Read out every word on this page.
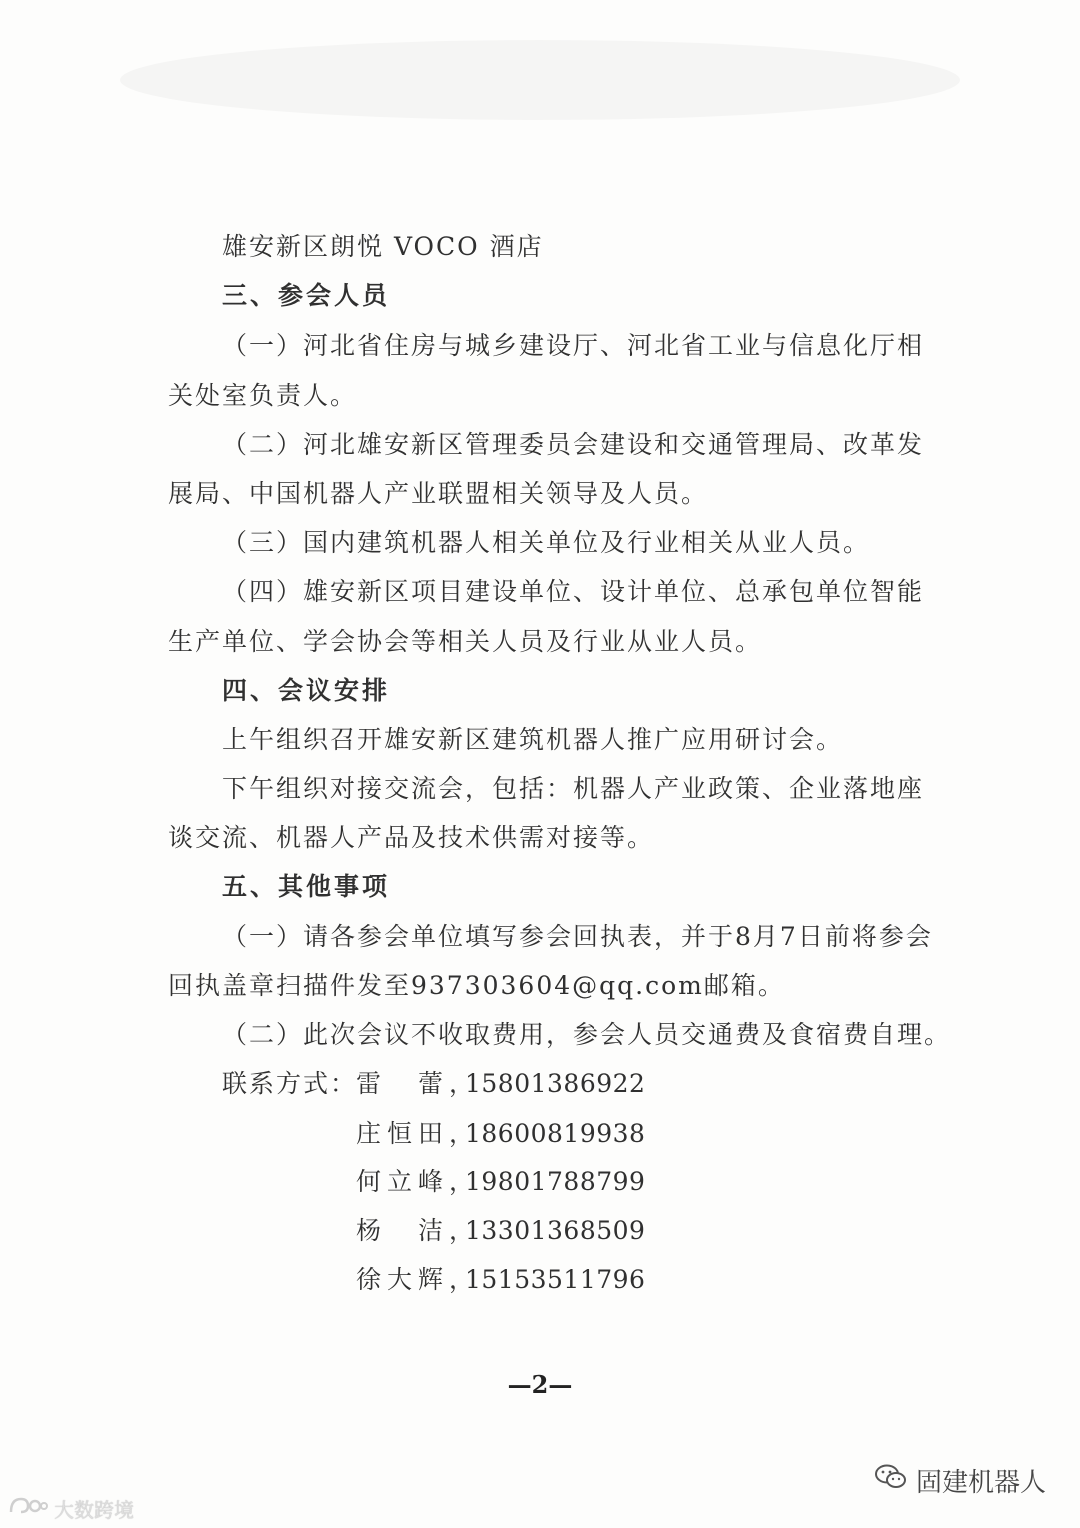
雄安新区朗悦 VOCO 酒店
三、参会人员
（一）河北省住房与城乡建设厅、河北省工业与信息化厅相
关处室负责人。
（二）河北雄安新区管理委员会建设和交通管理局、改革发
展局、中国机器人产业联盟相关领导及人员。
（三）国内建筑机器人相关单位及行业相关从业人员。
（四）雄安新区项目建设单位、设计单位、总承包单位智能
生产单位、学会协会等相关人员及行业从业人员。
四、会议安排
上午组织召开雄安新区建筑机器人推广应用研讨会。
下午组织对接交流会，包括：机器人产业政策、企业落地座
谈交流、机器人产品及技术供需对接等。
五、其他事项
（一）请各参会单位填写参会回执表，并于8月7日前将参会
回执盖章扫描件发至937303604@qq.com邮箱。
（二）此次会议不收取费用，参会人员交通费及食宿费自理。
联系方式：
雷　蕾，
15801386922
庄恒田，
18600819938
何立峰，
19801788799
杨　洁，
13301368509
徐大辉，
15153511796
—2—
大数跨境
固建机器人
